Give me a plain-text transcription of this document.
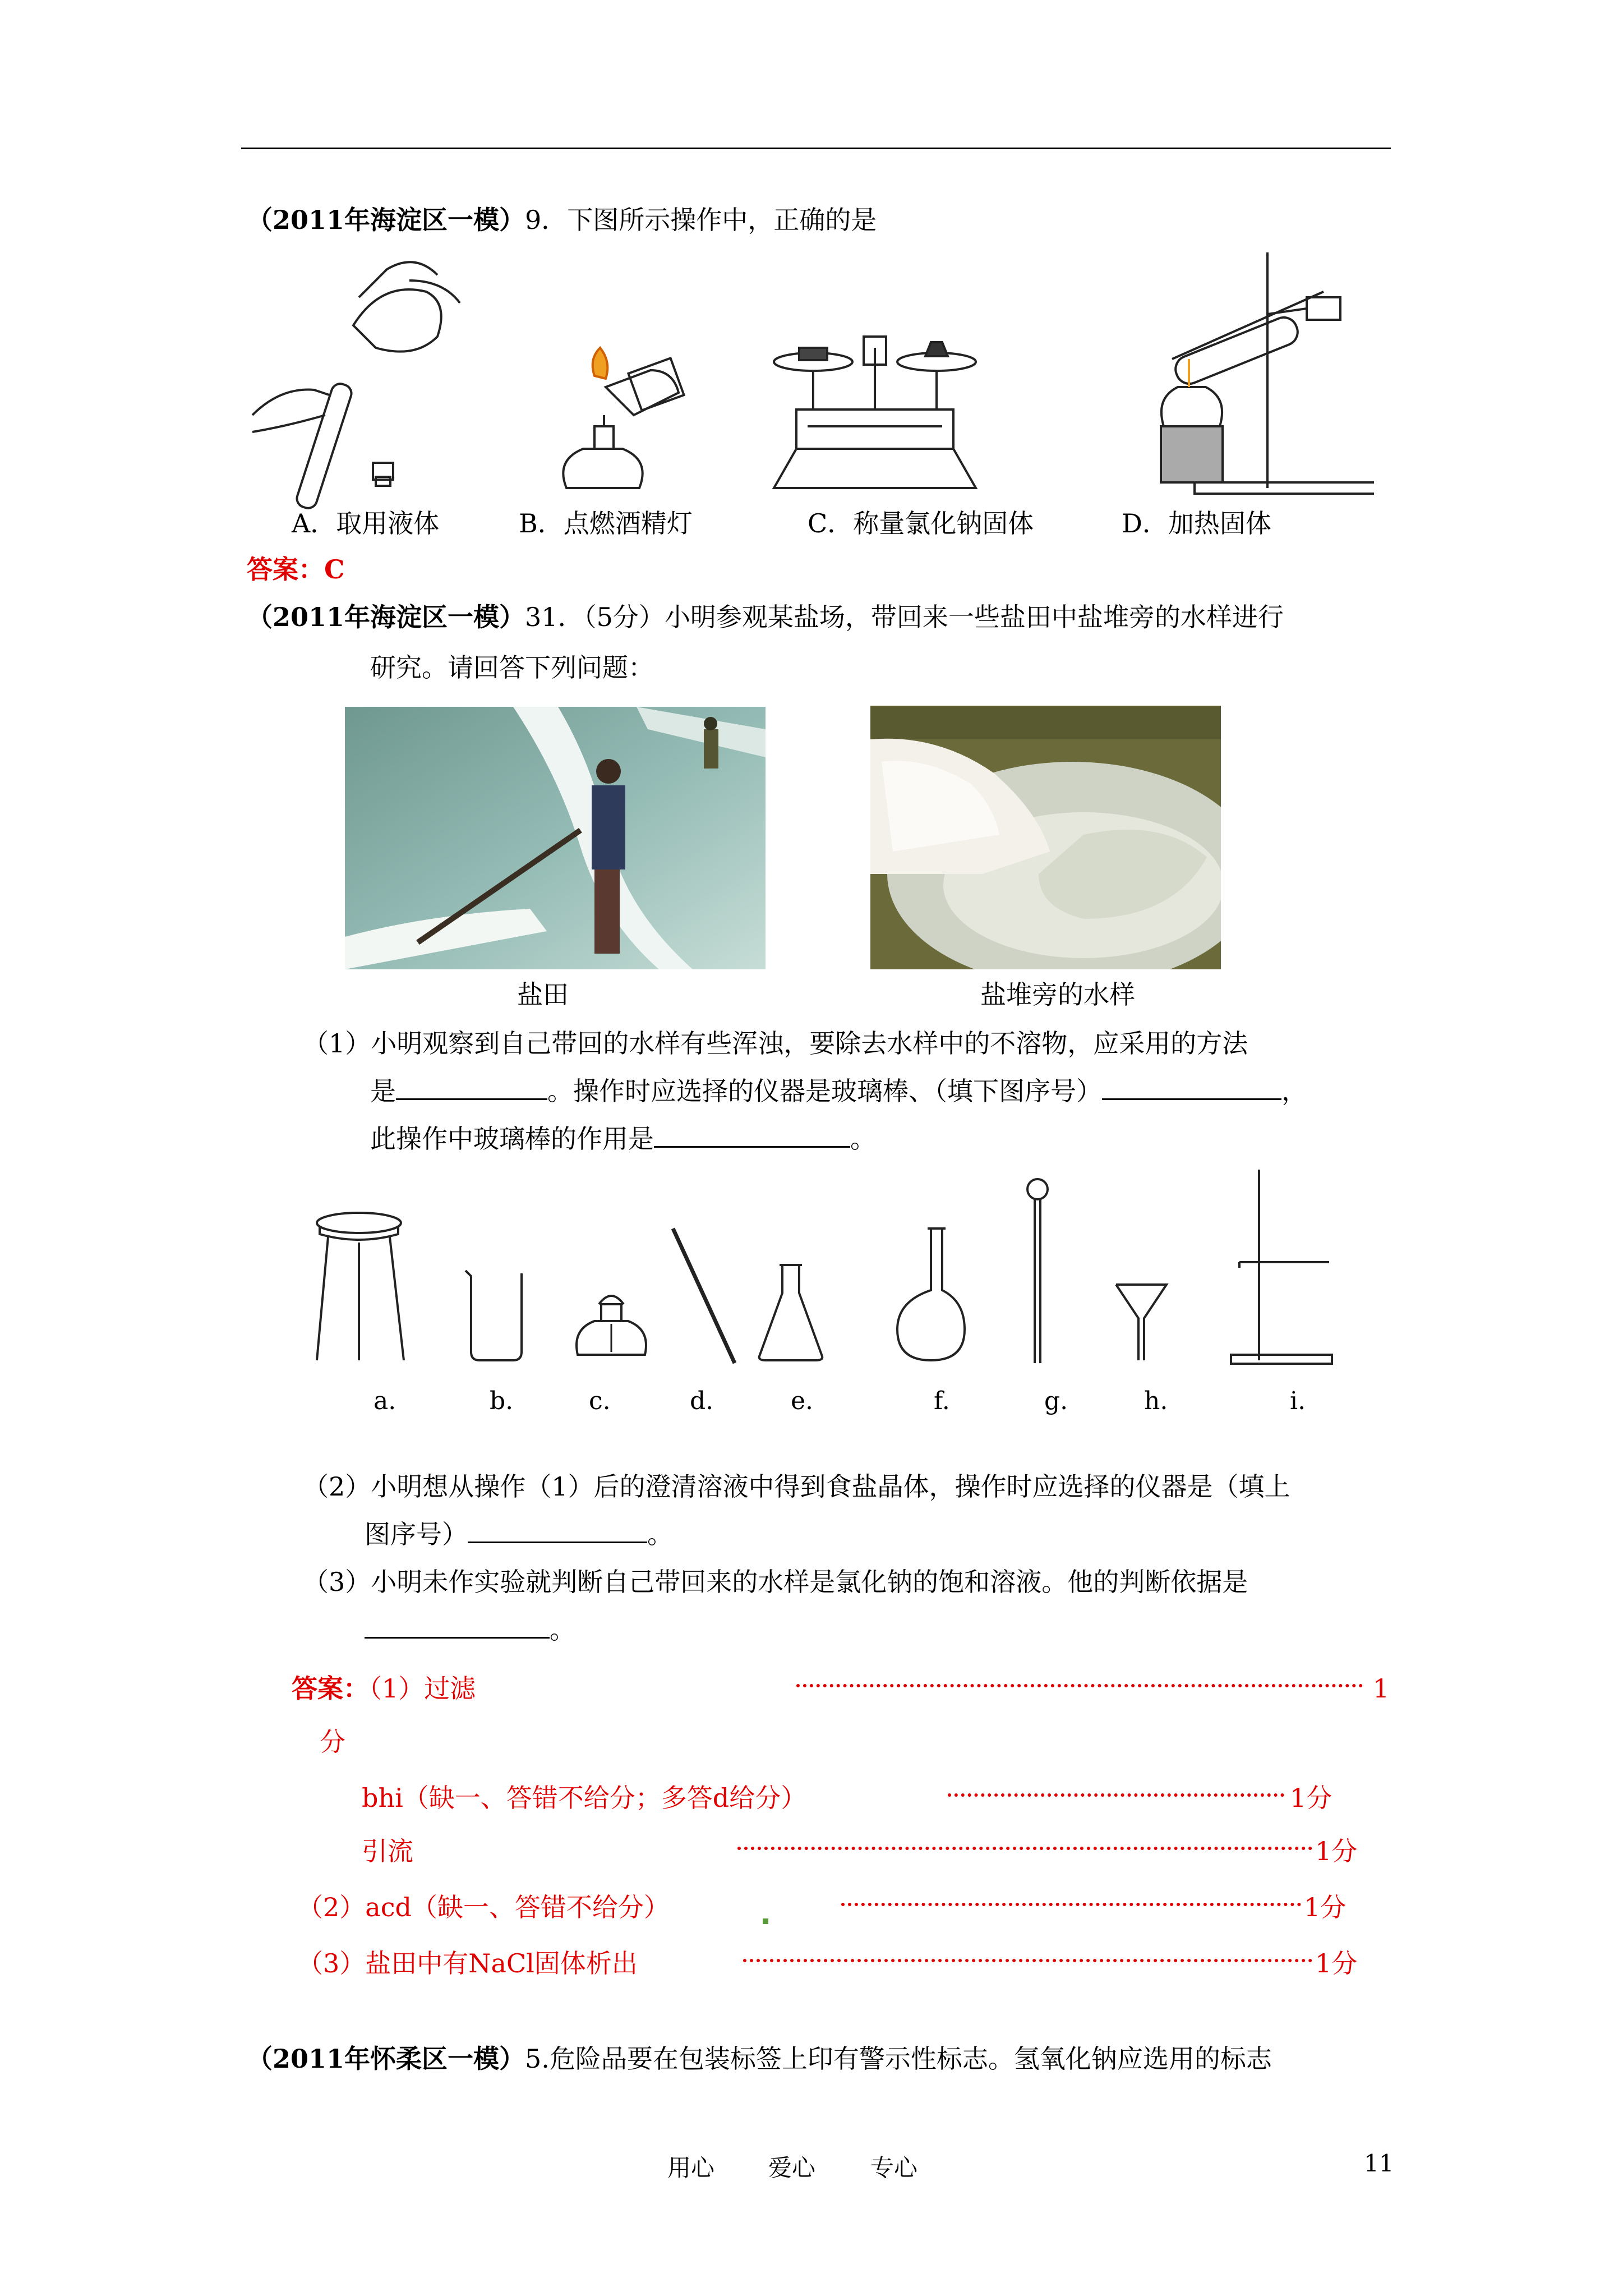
（2011年海淀区一模）9．下图所示操作中，正确的是
A．取用液体	B．点燃酒精灯	C．称量氯化钠固体	D．加热固体
答案：C
（2011年海淀区一模）31．（5分）小明参观某盐场，带回来一些盐田中盐堆旁的水样进行
研究。请回答下列问题：
盐田	盐堆旁的水样
（1）小明观察到自己带回的水样有些浑浊，要除去水样中的不溶物，应采用的方法
是	。操作时应选择的仪器是玻璃棒、（填下图序号）	，
此操作中玻璃棒的作用是	。
a.	b.	c.	d.	e.	f.	g.	h.	i.
（2）小明想从操作（1）后的澄清溶液中得到食盐晶体，操作时应选择的仪器是（填上
图序号）	。
（3）小明未作实验就判断自己带回来的水样是氯化钠的饱和溶液。他的判断依据是
。
答案：（1）过滤	1
分
bhi（缺一、答错不给分；多答d给分）	1分
引流	1分
（2）acd（缺一、答错不给分）	1分
（3）盐田中有NaCl固体析出	1分
（2011年怀柔区一模）5.危险品要在包装标签上印有警示性标志。氢氧化钠应选用的标志
用心 爱心 专心	11
